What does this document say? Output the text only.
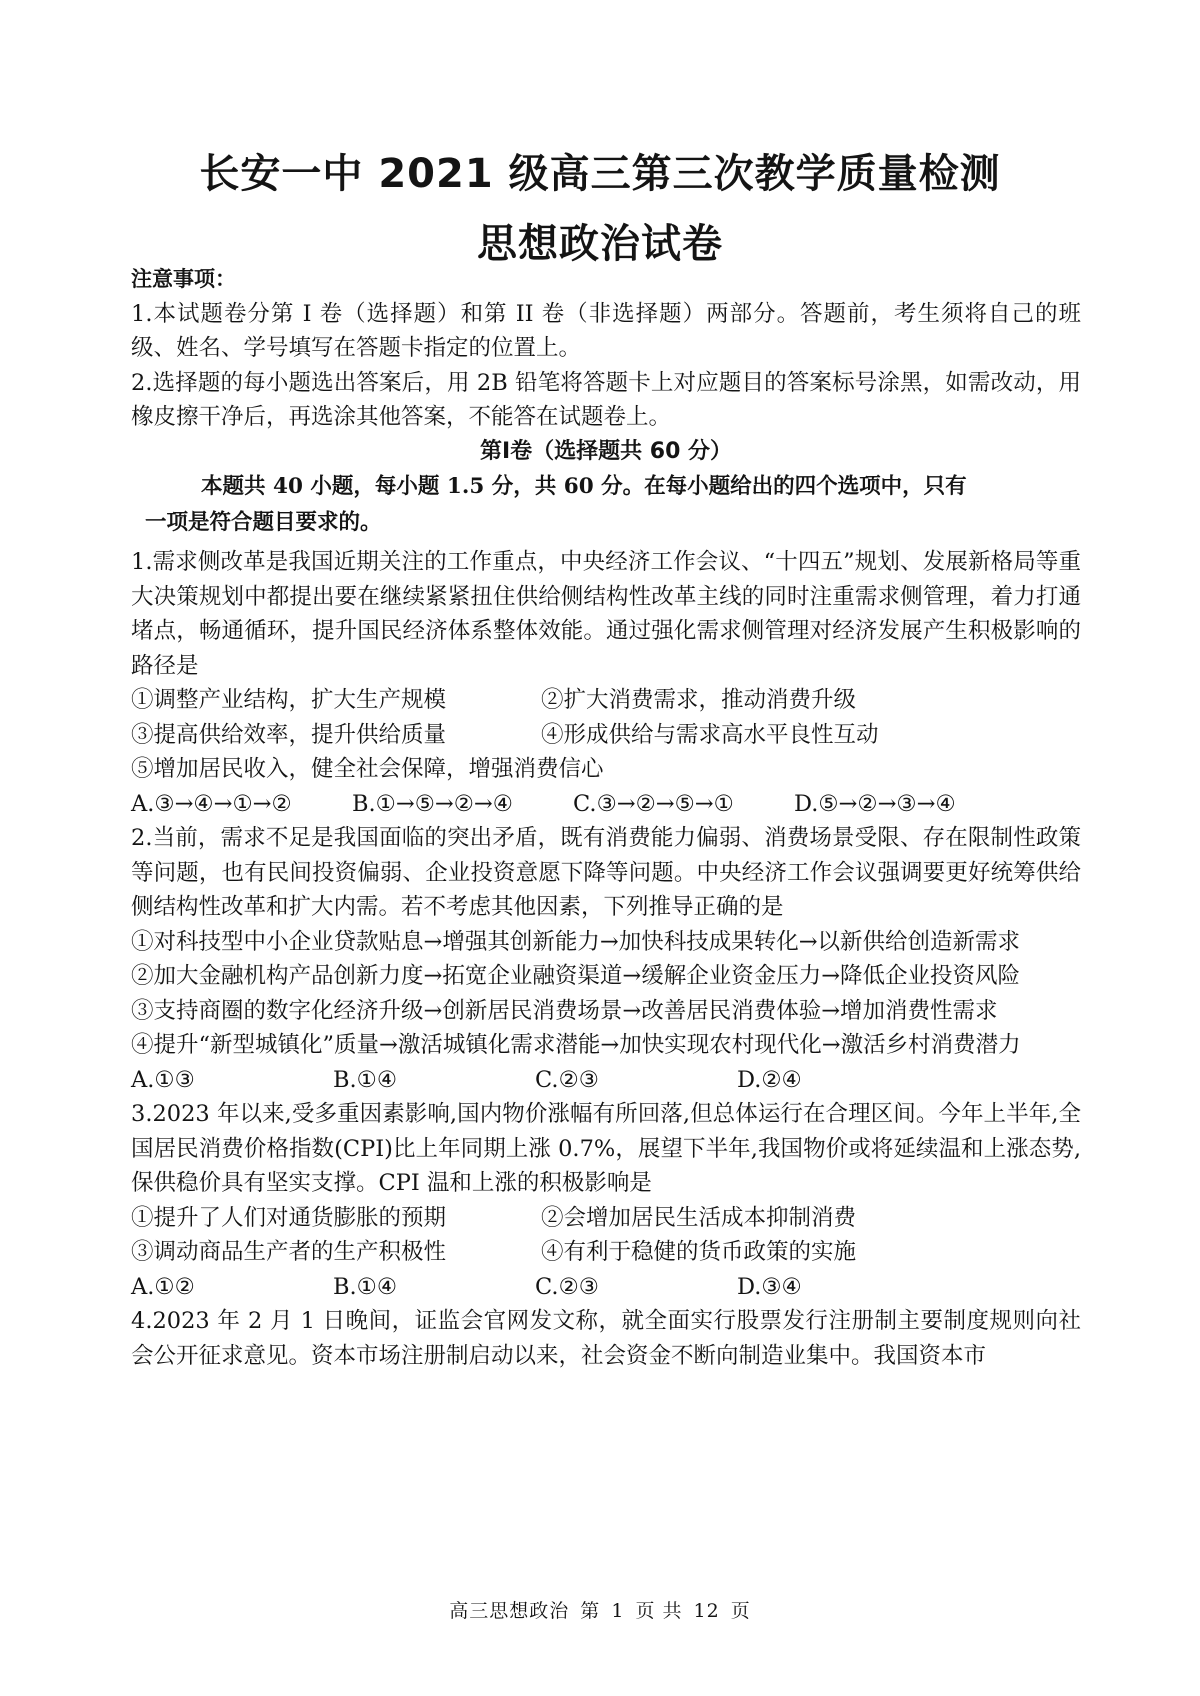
长安一中 2021 级高三第三次教学质量检测
思想政治试卷

注意事项：

1.本试题卷分第 I 卷（选择题）和第 II 卷（非选择题）两部分。答题前，考生须将自己的班级、姓名、学号填写在答题卡指定的位置上。

2.选择题的每小题选出答案后，用 2B 铅笔将答题卡上对应题目的答案标号涂黑，如需改动，用橡皮擦干净后，再选涂其他答案，不能答在试题卷上。

第Ⅰ卷（选择题共 60 分）

本题共 40 小题，每小题 1.5 分，共 60 分。在每小题给出的四个选项中，只有

一项是符合题目要求的。

1.需求侧改革是我国近期关注的工作重点，中央经济工作会议、“十四五”规划、发展新格局等重大决策规划中都提出要在继续紧紧扭住供给侧结构性改革主线的同时注重需求侧管理，着力打通堵点，畅通循环，提升国民经济体系整体效能。通过强化需求侧管理对经济发展产生积极影响的路径是

①调整产业结构，扩大生产规模	②扩大消费需求，推动消费升级
③提高供给效率，提升供给质量	④形成供给与需求高水平良性互动

⑤增加居民收入，健全社会保障，增强消费信心

A.③→④→①→②	B.①→⑤→②→④	C.③→②→⑤→①	D.⑤→②→③→④

2.当前，需求不足是我国面临的突出矛盾，既有消费能力偏弱、消费场景受限、存在限制性政策等问题，也有民间投资偏弱、企业投资意愿下降等问题。中央经济工作会议强调要更好统筹供给侧结构性改革和扩大内需。若不考虑其他因素，下列推导正确的是

①对科技型中小企业贷款贴息→增强其创新能力→加快科技成果转化→以新供给创造新需求

②加大金融机构产品创新力度→拓宽企业融资渠道→缓解企业资金压力→降低企业投资风险

③支持商圈的数字化经济升级→创新居民消费场景→改善居民消费体验→增加消费性需求

④提升“新型城镇化”质量→激活城镇化需求潜能→加快实现农村现代化→激活乡村消费潜力

A.①③	B.①④	C.②③	D.②④

3.2023 年以来,受多重因素影响,国内物价涨幅有所回落,但总体运行在合理区间。今年上半年,全国居民消费价格指数(CPI)比上年同期上涨 0.7%，展望下半年,我国物价或将延续温和上涨态势,保供稳价具有坚实支撑。CPI 温和上涨的积极影响是

①提升了人们对通货膨胀的预期	②会增加居民生活成本抑制消费
③调动商品生产者的生产积极性	④有利于稳健的货币政策的实施
A.①②	B.①④	C.②③	D.③④

4.2023 年 2 月 1 日晚间，证监会官网发文称，就全面实行股票发行注册制主要制度规则向社会公开征求意见。资本市场注册制启动以来，社会资金不断向制造业集中。我国资本市

高三思想政治 第 1 页 共 12 页
